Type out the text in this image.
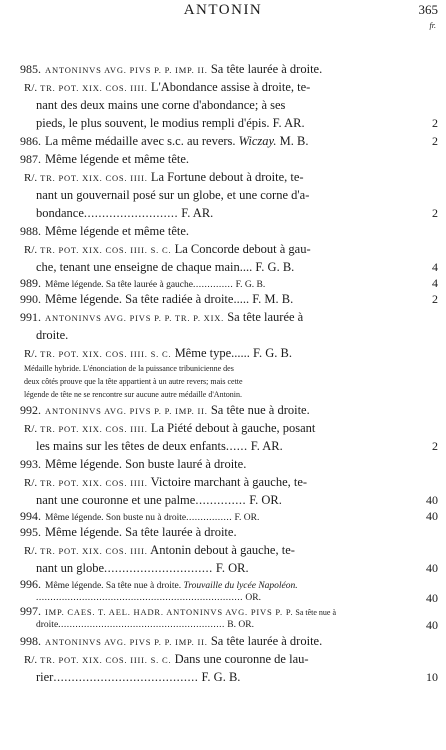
ANTONIN	365
fr.
985. ANTONINVS AVG. PIVS P. P. IMP. II. Sa tête laurée à droite.
R/. TR. POT. XIX. COS. IIII. L'Abondance assise à droite, te-
nant des deux mains une corne d'abondance; à ses
pieds, le plus souvent, le modius rempli d'épis. F. AR.	2
986. La même médaille avec s.c. au revers. Wiczay. M. B.	2
987. Même légende et même tête.
R/. TR. POT. XIX. COS. IIII. La Fortune debout à droite, te-
nant un gouvernail posé sur un globe, et une corne d'a-
bondance.......................... F. AR.	2
988. Même légende et même tête.
R/. TR. POT. XIX. COS. IIII. S. C. La Concorde debout à gau-
che, tenant une enseigne de chaque main.... F. G. B.	4
989. Même légende. Sa tête laurée à gauche.............. F. G. B.	4
990. Même légende. Sa tête radiée à droite..... F. M. B.	2
991. ANTONINVS AVG. PIVS P. P. TR. P. XIX. Sa tête laurée à
droite.
R/. TR. POT. XIX. COS. IIII. S. C. Même type...... F. G. B.
Médaille hybride. L'énonciation de la puissance tribunicienne des
deux côtés prouve que la tête appartient à un autre revers; mais cette
légende de tête ne se rencontre sur aucune autre médaille d'Antonin.
992. ANTONINVS AVG. PIVS P. P. IMP. II. Sa tête nue à droite.
R/. TR. POT. XIX. COS. IIII. La Piété debout à gauche, posant
les mains sur les têtes de deux enfants...... F. AR.	2
993. Même légende. Son buste lauré à droite.
R/. TR. POT. XIX. COS. IIII. Victoire marchant à gauche, te-
nant une couronne et une palme.............. F. OR.	40
994. Même légende. Son buste nu à droite................ F. OR.	40
995. Même légende. Sa tête laurée à droite.
R/. TR. POT. XIX. COS. IIII. Antonin debout à gauche, te-
nant un globe.............................. F. OR.	40
996. Même légende. Sa tête nue à droite. Trouvaille du lycée Napoléon.
........................................................................ OR.	40
997. IMP. CAES. T. AEL. HADR. ANTONINVS AVG. PIVS P. P. Sa tête nue à
droite.......................................................... B. OR.	40
998. ANTONINVS AVG. PIVS P. P. IMP. II. Sa tête laurée à droite.
R/. TR. POT. XIX. COS. IIII. S. C. Dans une couronne de lau-
rier........................................ F. G. B.	10
